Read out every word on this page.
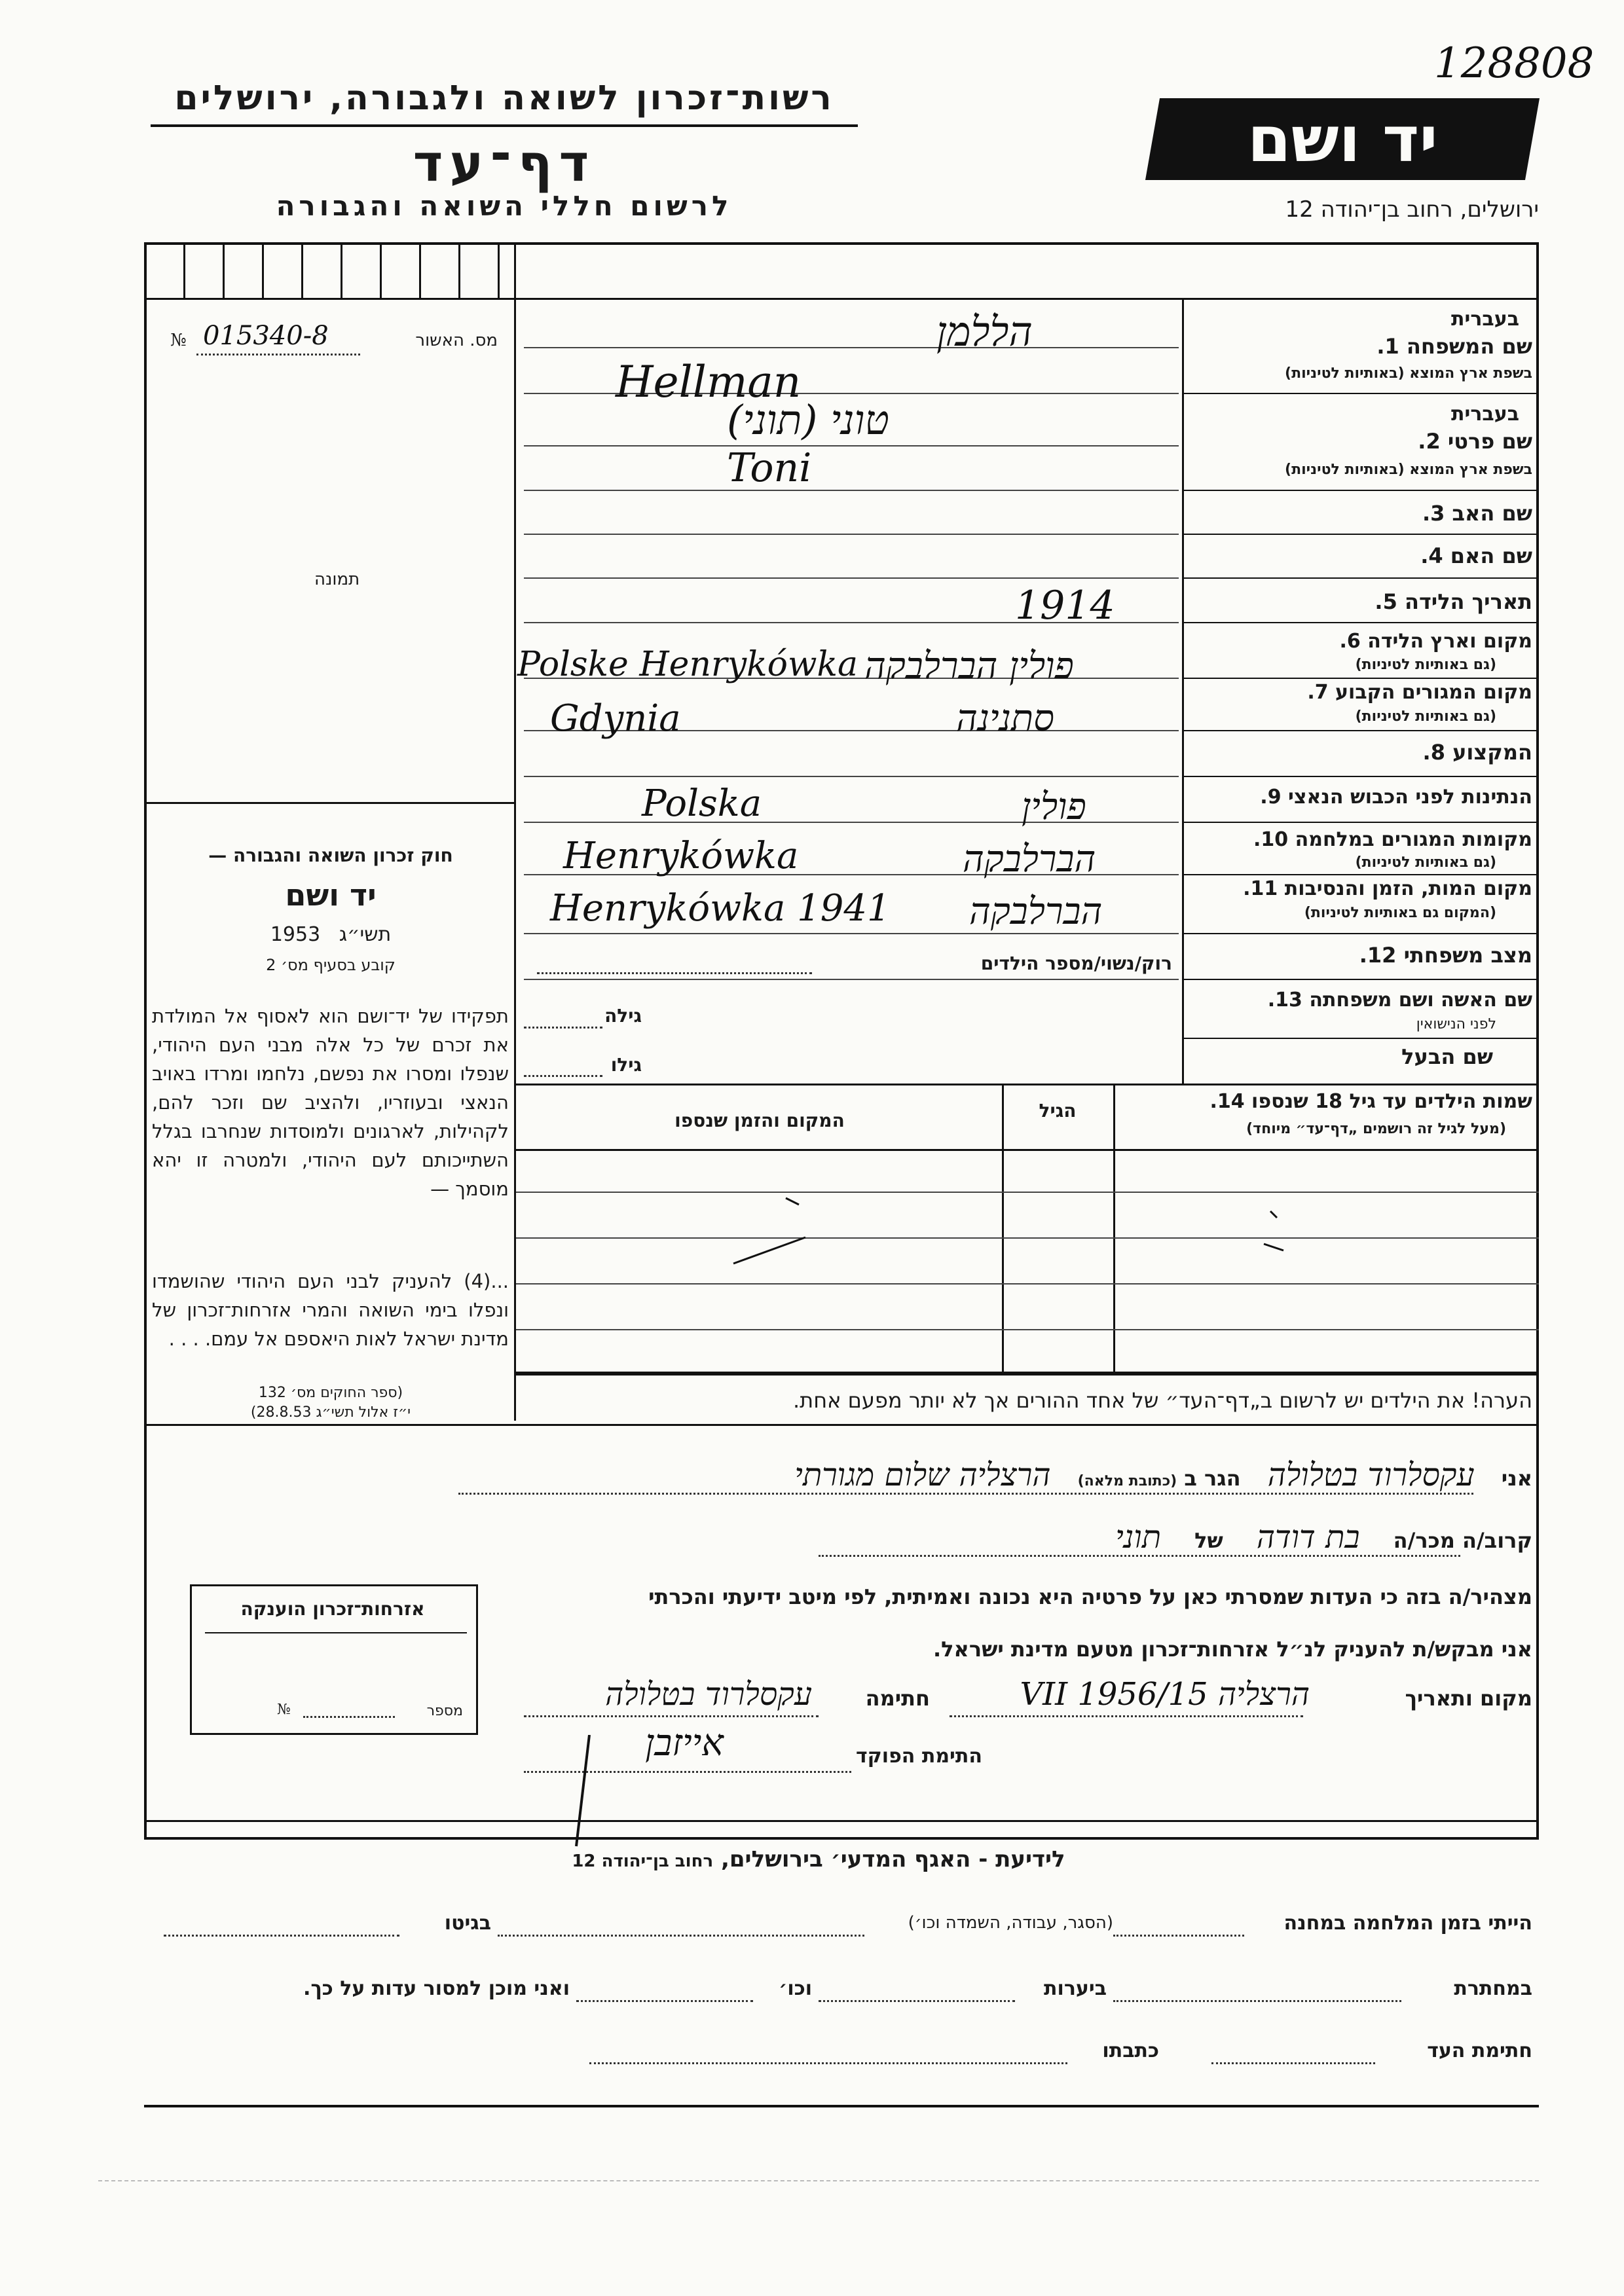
128808
רשות־זכרון לשואה ולגבורה, ירושלים
דף־עד
לרשום חללי השואה והגבורה
יד ושם
ירושלים, רחוב בן־יהודה 12
מס. האשור
№ 015340-8
תמונה
בעברית
שם המשפחה 1.
בשפת ארץ המוצא (באותיות לטיניות)
בעברית
שם פרטי 2.
בשפת ארץ המוצא (באותיות לטיניות)
שם האב 3.
שם האם 4.
תאריך הלידה 5.
מקום וארץ הלידה 6.
(גם באותיות לטיניות)
מקום המגורים הקבוע 7.
(גם באותיות לטיניות)
המקצוע 8.
הנתינות לפני הכבוש הנאצי 9.
מקומות המגורים במלחמה 10.
(גם באותיות לטיניות)
מקום המות, הזמן והנסיבות 11.
(המקום גם באותיות לטיניות)
מצב משפחתי 12.
שם האשה ושם משפחתה 13.
לפני הנישואין
שם הבעל
הללמן
Hellman
טוני (תוני)
Toni
1914
פולין הברלבקה
Polske Henrykówka
סתנינה
Gdynia
פולין
Polska
הברלבקה
Henrykówka
הברלבקה
Henrykówka 1941
רוק/נשוי/מספר הילדים
גילה
גילו
שמות הילדים עד גיל 18 שנספו 14.
(מעל לגיל זה רושמים „דף־עד״ מיוחד)
הגיל
המקום והזמן שנספו
חוק זכרון השואה והגבורה —
יד ושם
תשי״ג   1953
קובע בסעיף מס׳ 2
תפקידו של יד־ושם הוא לאסוף אל המולדת את זכרם של כל אלה מבני העם היהודי, שנפלו ומסרו את נפשם, נלחמו ומרדו באויב הנאצי ובעוזריו, ולהציב שם וזכר להם, לקהילות, לארגונים ולמוסדות שנחרבו בגלל השתייכותם לעם היהודי, ולמטרה זו יהא מוסמך —
...(4) להעניק לבני העם היהודי שהושמדו ונפלו בימי השואה והמרי אזרחות־זכרון של מדינת ישראל לאות היאספם אל עמם. . . .
(ספר החוקים מס׳ 132
י״ז אלול תשי״ג 28.8.53)	הערה! את הילדים יש לרשום ב„דף־העד״ של אחד ההורים אך לא יותר מפעם אחת.
אני עקסלרוד בטלולה הגר ב (כתובת מלאה) הרצליה שלום מגורתי
קרוב/ה מכר/ה בת דודה של תוני
מצהיר/ה בזה כי העדות שמסרתי כאן על פרטיה היא נכונה ואמיתית, לפי מיטב ידיעתי והכרתי
אני מבקש/ת להעניק לנ״ל אזרחות־זכרון מטעם מדינת ישראל.
מקום ותאריך
הרצליה 15/VII 1956
חתימה
עקסלרוד בטלולה
התימת הפוקד
אייזבן
אזרחות־זכרון הוענקה
מספר
№
לידיעת - האגף המדעי׳ בירושלים, רחוב בן־יהודה 12
הייתי בזמן המלחמה במחנה
(הסגר, עבודה, השמדה וכו׳)
בגיטו
במחתרת
ביערות
וכו׳
ואני מוכן למסור עדות על כך.
חתימת העד
כתבתו
